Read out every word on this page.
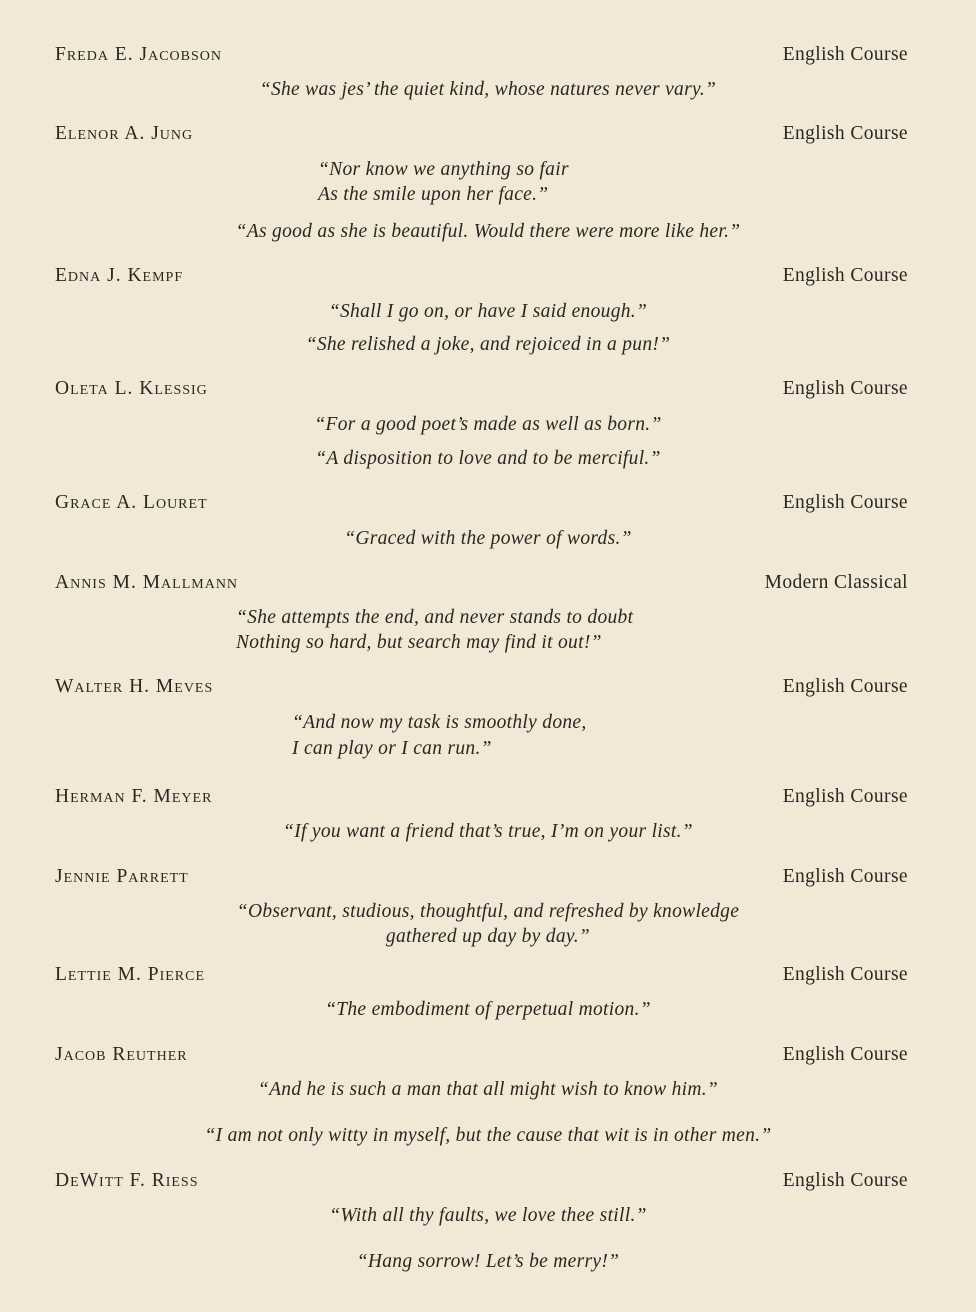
Freda E. Jacobson	English Course
“She was jes’ the quiet kind, whose natures never vary.”
Elenor A. Jung	English Course
“Nor know we anything so fair
As the smile upon her face.”
“As good as she is beautiful. Would there were more like her.”
Edna J. Kempf	English Course
“Shall I go on, or have I said enough.”
“She relished a joke, and rejoiced in a pun!”
Oleta L. Klessig	English Course
“For a good poet’s made as well as born.”
“A disposition to love and to be merciful.”
Grace A. Louret	English Course
“Graced with the power of words.”
Annis M. Mallmann	Modern Classical
“She attempts the end, and never stands to doubt
Nothing so hard, but search may find it out!”
Walter H. Meves	English Course
“And now my task is smoothly done,
I can play or I can run.”
Herman F. Meyer	English Course
“If you want a friend that’s true, I’m on your list.”
Jennie Parrett	English Course
“Observant, studious, thoughtful, and refreshed by knowledge
gathered up day by day.”
Lettie M. Pierce	English Course
“The embodiment of perpetual motion.”
Jacob Reuther	English Course
“And he is such a man that all might wish to know him.”
“I am not only witty in myself, but the cause that wit is in other men.”
DeWitt F. Riess	English Course
“With all thy faults, we love thee still.”
“Hang sorrow! Let’s be merry!”
